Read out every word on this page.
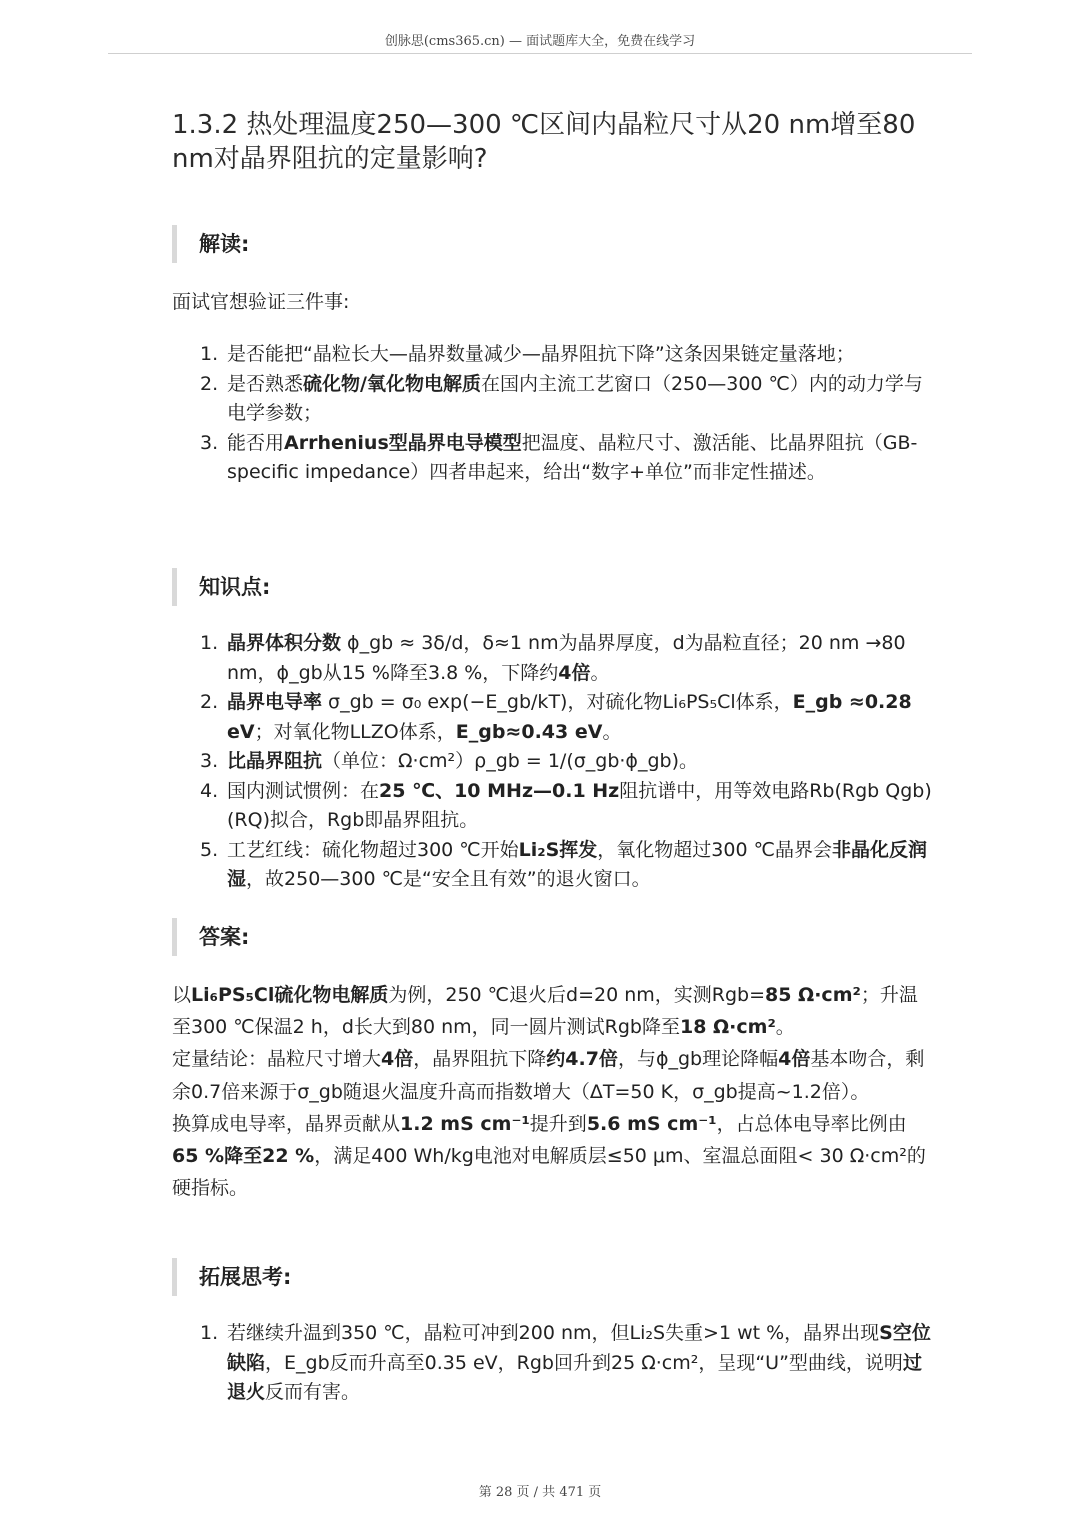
创脉思(cms365.cn) — 面试题库大全，免费在线学习
1.3.2 热处理温度250—300 ℃区间内晶粒尺寸从20 nm增至80 nm对晶界阻抗的定量影响?
解读:
面试官想验证三件事:
1. 是否能把“晶粒长大—晶界数量减少—晶界阻抗下降”这条因果链定量落地；
2. 是否熟悉硫化物/氧化物电解质在国内主流工艺窗口（250—300 ℃）内的动力学与电学参数；
3. 能否用Arrhenius型晶界电导模型把温度、晶粒尺寸、激活能、比晶界阻抗（GB-specific impedance）四者串起来，给出“数字+单位”而非定性描述。
知识点:
1. 晶界体积分数 ϕ_gb ≈ 3δ/d，δ≈1 nm为晶界厚度，d为晶粒直径；20 nm →80 nm，ϕ_gb从15 %降至3.8 %，下降约4倍。
2. 晶界电导率 σ_gb = σ₀ exp(−E_gb/kT)，对硫化物Li₆PS₅Cl体系，E_gb ≈0.28 eV；对氧化物LLZO体系，E_gb≈0.43 eV。
3. 比晶界阻抗（单位：Ω·cm²）ρ_gb = 1/(σ_gb·ϕ_gb)。
4. 国内测试惯例：在25 ℃、10 MHz—0.1 Hz阻抗谱中，用等效电路Rb(Rgb Qgb)(RQ)拟合，Rgb即晶界阻抗。
5. 工艺红线：硫化物超过300 ℃开始Li₂S挥发，氧化物超过300 ℃晶界会非晶化反润湿，故250—300 ℃是“安全且有效”的退火窗口。
答案:
以Li₆PS₅Cl硫化物电解质为例，250 ℃退火后d=20 nm，实测Rgb=85 Ω·cm²；升温至300 ℃保温2 h，d长大到80 nm，同一圆片测试Rgb降至18 Ω·cm²。
定量结论：晶粒尺寸增大4倍，晶界阻抗下降约4.7倍，与ϕ_gb理论降幅4倍基本吻合，剩余0.7倍来源于σ_gb随退火温度升高而指数增大（ΔT=50 K，σ_gb提高~1.2倍）。
换算成电导率，晶界贡献从1.2 mS cm⁻¹提升到5.6 mS cm⁻¹，占总体电导率比例由65 %降至22 %，满足400 Wh/kg电池对电解质层≤50 μm、室温总面阻< 30 Ω·cm²的硬指标。
拓展思考:
1. 若继续升温到350 ℃，晶粒可冲到200 nm，但Li₂S失重>1 wt %，晶界出现S空位缺陷，E_gb反而升高至0.35 eV，Rgb回升到25 Ω·cm²，呈现“U”型曲线，说明过退火反而有害。
第 28 页 / 共 471 页
